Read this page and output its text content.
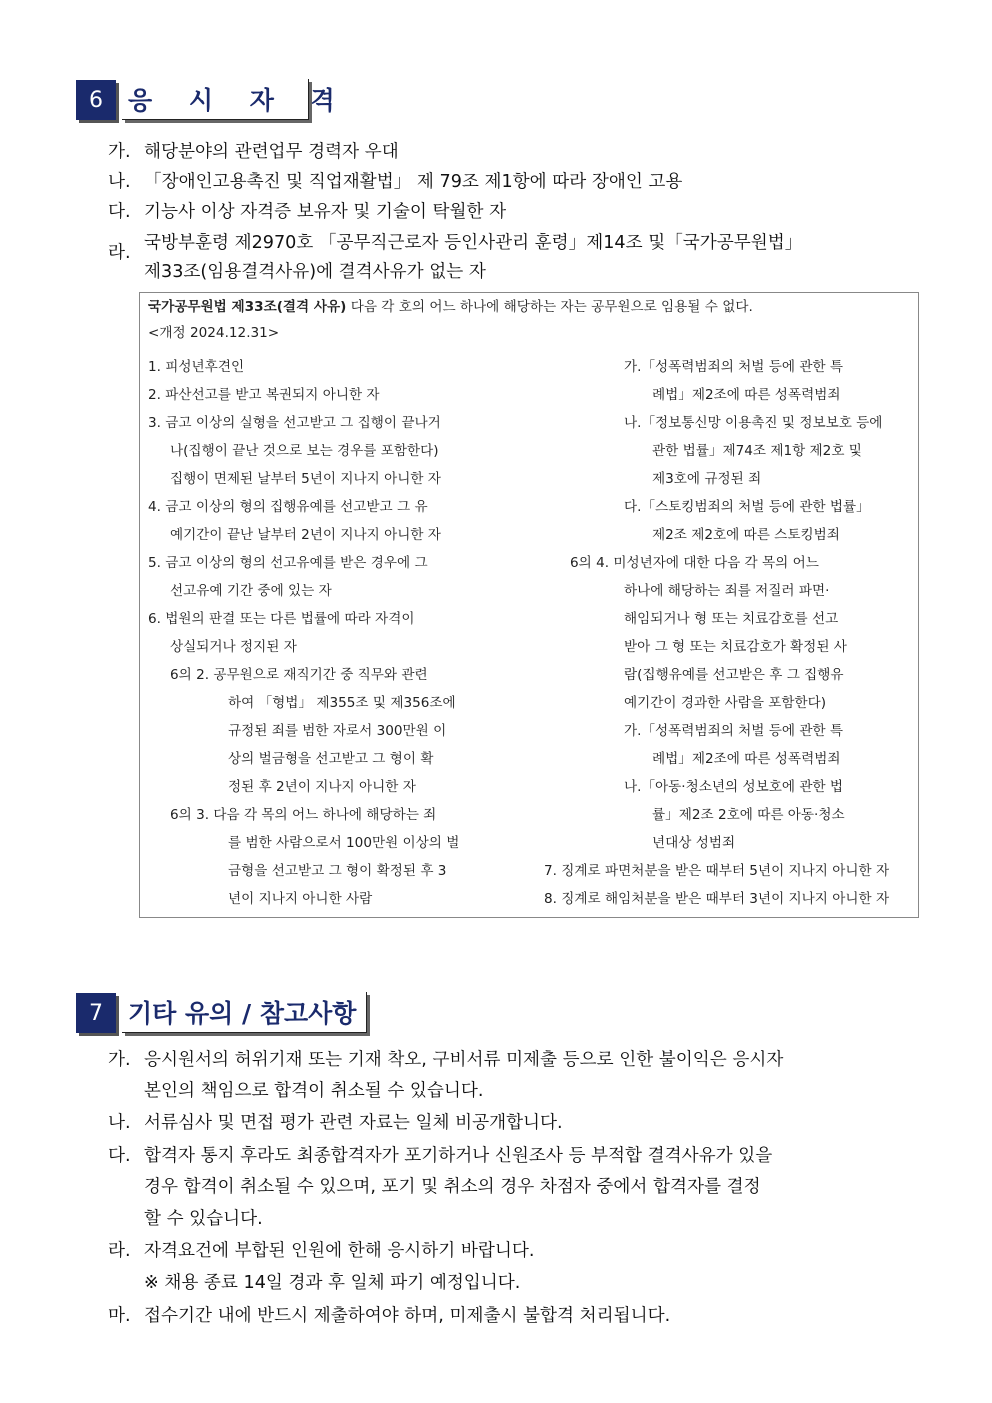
6	응 시 자 격
가. 해당분야의 관련업무 경력자 우대
나. 「장애인고용촉진 및 직업재활법」 제 79조 제1항에 따라 장애인 고용
다. 기능사 이상 자격증 보유자 및 기술이 탁월한 자
라. 국방부훈령 제2970호 「공무직근로자 등인사관리 훈령」제14조 및「국가공무원법」
제33조(임용결격사유)에 결격사유가 없는 자
국가공무원법 제33조(결격 사유) 다음 각 호의 어느 하나에 해당하는 자는 공무원으로 임용될 수 없다.
<개정 2024.12.31>
1. 피성년후견인
2. 파산선고를 받고 복권되지 아니한 자
3. 금고 이상의 실형을 선고받고 그 집행이 끝나거
나(집행이 끝난 것으로 보는 경우를 포함한다)
집행이 면제된 날부터 5년이 지나지 아니한 자
4. 금고 이상의 형의 집행유예를 선고받고 그 유
예기간이 끝난 날부터 2년이 지나지 아니한 자
5. 금고 이상의 형의 선고유예를 받은 경우에 그
선고유예 기간 중에 있는 자
6. 법원의 판결 또는 다른 법률에 따라 자격이
상실되거나 정지된 자
6의 2. 공무원으로 재직기간 중 직무와 관련
하여 「형법」 제355조 및 제356조에
규정된 죄를 범한 자로서 300만원 이
상의 벌금형을 선고받고 그 형이 확
정된 후 2년이 지나지 아니한 자
6의 3. 다음 각 목의 어느 하나에 해당하는 죄
를 범한 사람으로서 100만원 이상의 벌
금형을 선고받고 그 형이 확정된 후 3
년이 지나지 아니한 사람
가.「성폭력범죄의 처벌 등에 관한 특
례법」제2조에 따른 성폭력범죄
나.「정보통신망 이용촉진 및 정보보호 등에
관한 법률」제74조 제1항 제2호 및
제3호에 규정된 죄
다.「스토킹범죄의 처벌 등에 관한 법률」
제2조 제2호에 따른 스토킹범죄
6의 4. 미성년자에 대한 다음 각 목의 어느
하나에 해당하는 죄를 저질러 파면·
해임되거나 형 또는 치료감호를 선고
받아 그 형 또는 치료감호가 확정된 사
람(집행유예를 선고받은 후 그 집행유
예기간이 경과한 사람을 포함한다)
가.「성폭력범죄의 처벌 등에 관한 특
례법」제2조에 따른 성폭력범죄
나.「아동·청소년의 성보호에 관한 법
률」제2조 2호에 따른 아동·청소
년대상 성범죄
7. 징계로 파면처분을 받은 때부터 5년이 지나지 아니한 자
8. 징계로 해임처분을 받은 때부터 3년이 지나지 아니한 자
7	기타 유의 / 참고사항
가. 응시원서의 허위기재 또는 기재 착오, 구비서류 미제출 등으로 인한 불이익은 응시자
본인의 책임으로 합격이 취소될 수 있습니다.
나. 서류심사 및 면접 평가 관련 자료는 일체 비공개합니다.
다. 합격자 통지 후라도 최종합격자가 포기하거나 신원조사 등 부적합 결격사유가 있을
경우 합격이 취소될 수 있으며, 포기 및 취소의 경우 차점자 중에서 합격자를 결정
할 수 있습니다.
라. 자격요건에 부합된 인원에 한해 응시하기 바랍니다.
※ 채용 종료 14일 경과 후 일체 파기 예정입니다.
마. 접수기간 내에 반드시 제출하여야 하며, 미제출시 불합격 처리됩니다.
